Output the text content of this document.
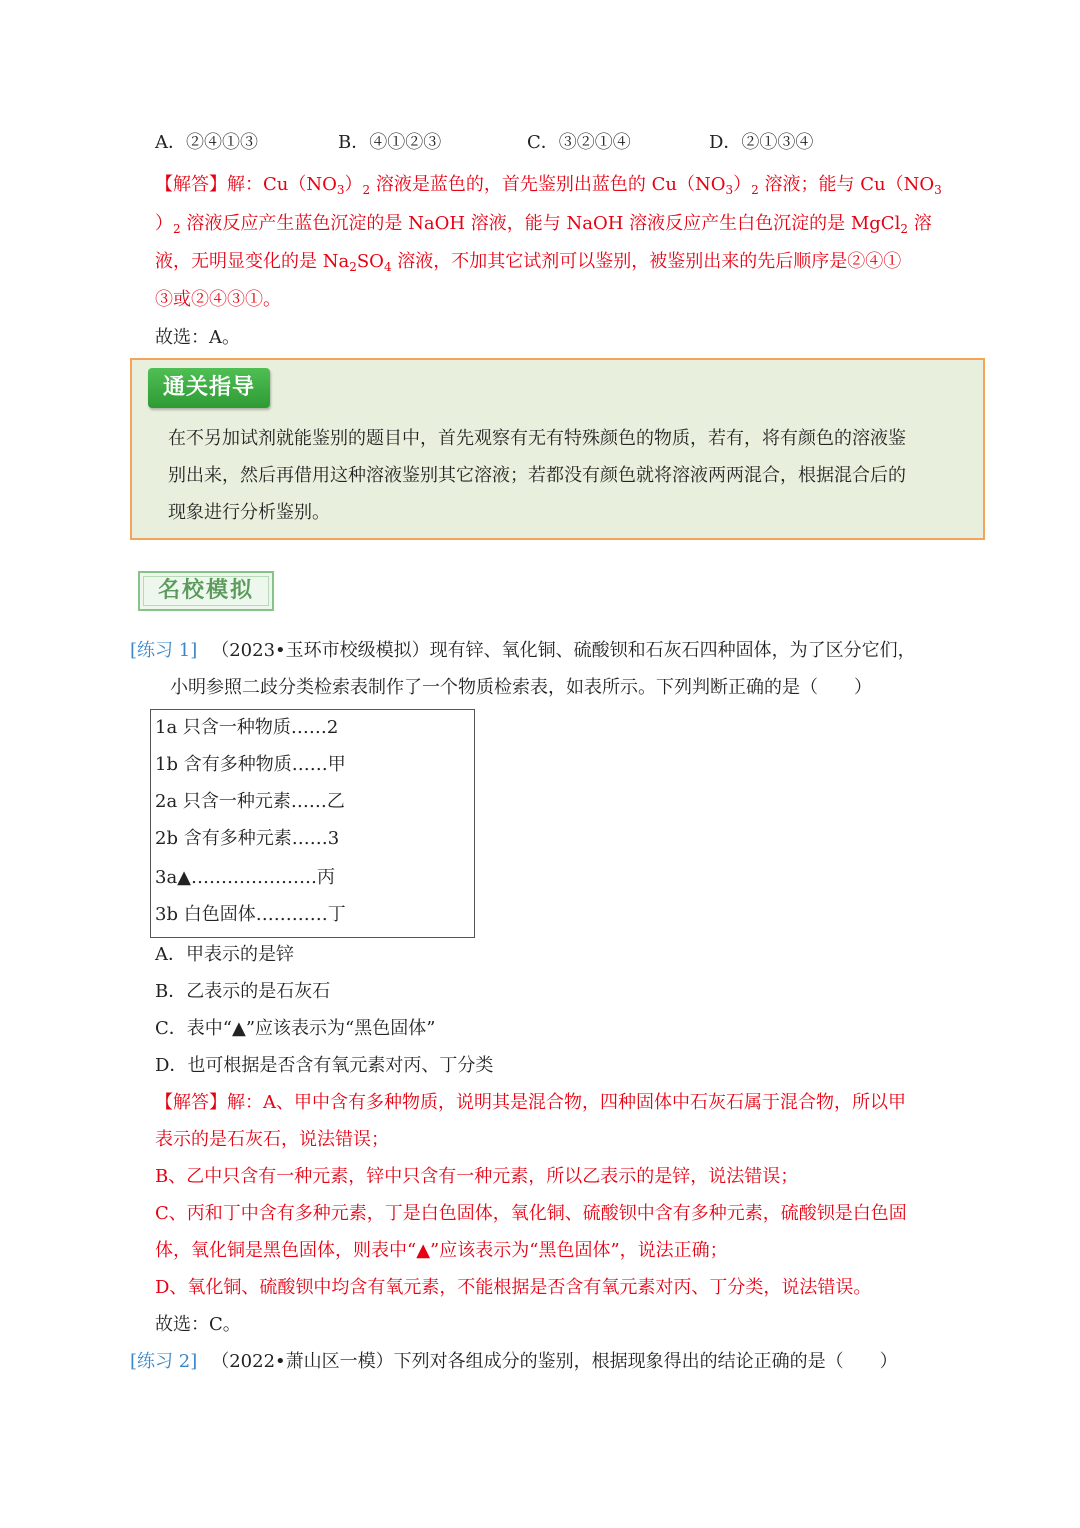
A．②④①③	B．④①②③	C．③②①④	D．②①③④
【解答】解：$Cu(NO_3)_2$ 溶液是蓝色的，首先鉴别出蓝色的 $Cu(NO_3)_2$ 溶液；能与 $Cu(NO_3$
）$_2$ 溶液反应产生蓝色沉淀的是 NaOH 溶液，能与 NaOH 溶液反应产生白色沉淀的是 MgCl$_2$ 溶
液，无明显变化的是 $Na_2SO_4$ 溶液，不加其它试剂可以鉴别，被鉴别出来的先后顺序是②④①
③或②④③①。
故选：A。
通关指导
在不另加试剂就能鉴别的题目中，首先观察有无有特殊颜色的物质，若有，将有颜色的溶液鉴
别出来，然后再借用这种溶液鉴别其它溶液；若都没有颜色就将溶液两两混合，根据混合后的
现象进行分析鉴别。
名校模拟
[练习 1] （2023•玉环市校级模拟）现有锌、氧化铜、硫酸钡和石灰石四种固体，为了区分它们，
小明参照二歧分类检索表制作了一个物质检索表，如表所示。下列判断正确的是（　　）
1a 只含一种物质……2
1b 含有多种物质……甲
2a 只含一种元素……乙
2b 含有多种元素……3
3a▲…………………丙
3b 白色固体…………丁
A．甲表示的是锌
B．乙表示的是石灰石
C．表中“▲”应该表示为“黑色固体”
D．也可根据是否含有氧元素对丙、丁分类
【解答】解：A、甲中含有多种物质，说明其是混合物，四种固体中石灰石属于混合物，所以甲
表示的是石灰石，说法错误；
B、乙中只含有一种元素，锌中只含有一种元素，所以乙表示的是锌，说法错误；
C、丙和丁中含有多种元素，丁是白色固体，氧化铜、硫酸钡中含有多种元素，硫酸钡是白色固
体，氧化铜是黑色固体，则表中“▲”应该表示为“黑色固体”，说法正确；
D、氧化铜、硫酸钡中均含有氧元素，不能根据是否含有氧元素对丙、丁分类，说法错误。
故选：C。
[练习 2] （2022•萧山区一模）下列对各组成分的鉴别，根据现象得出的结论正确的是（　　）
